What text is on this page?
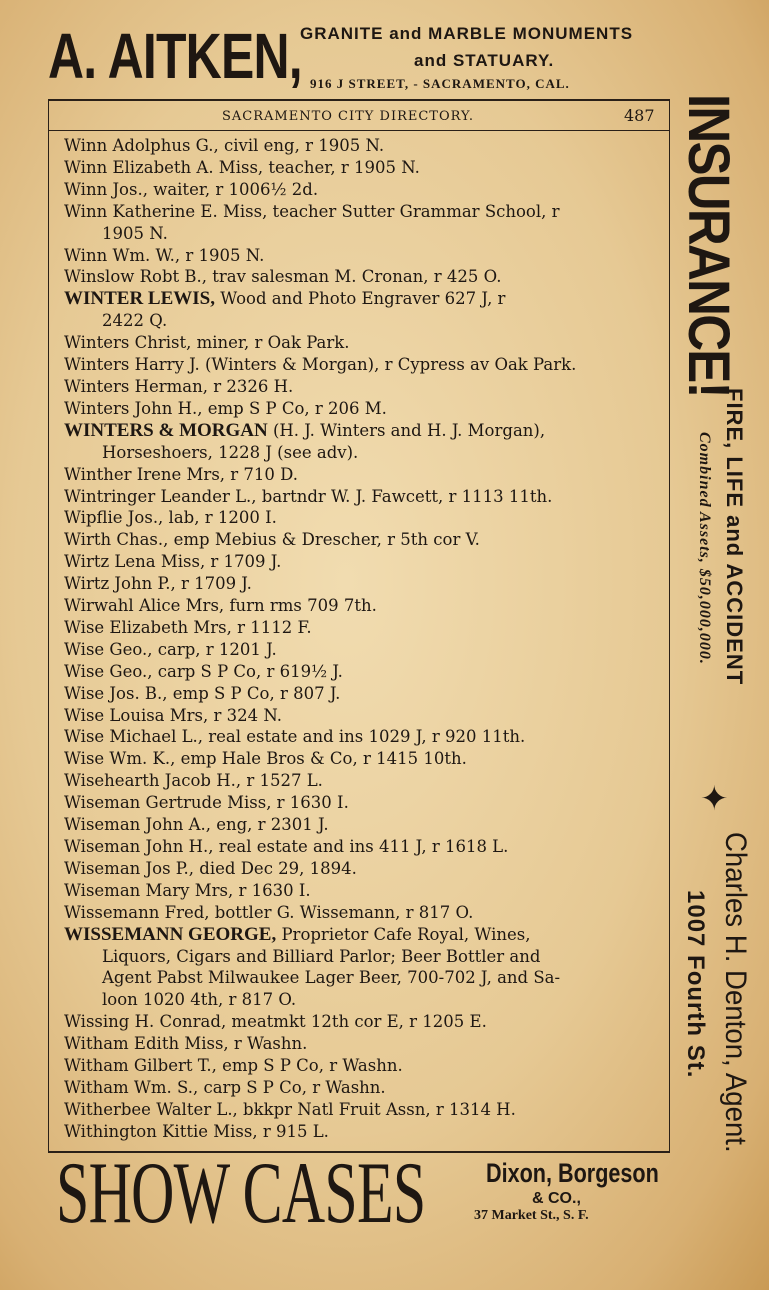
A. AITKEN,
GRANITE and MARBLE MONUMENTS
and STATUARY.
916 J STREET, - SACRAMENTO, CAL.
SACRAMENTO CITY DIRECTORY.	487
Winn Adolphus G., civil eng, r 1905 N.
Winn Elizabeth A. Miss, teacher, r 1905 N.
Winn Jos., waiter, r 1006½ 2d.
Winn Katherine E. Miss, teacher Sutter Grammar School, r
1905 N.
Winn Wm. W., r 1905 N.
Winslow Robt B., trav salesman M. Cronan, r 425 O.
WINTER LEWIS, Wood and Photo Engraver 627 J, r
2422 Q.
Winters Christ, miner, r Oak Park.
Winters Harry J. (Winters & Morgan), r Cypress av Oak Park.
Winters Herman, r 2326 H.
Winters John H., emp S P Co, r 206 M.
WINTERS & MORGAN (H. J. Winters and H. J. Morgan),
Horseshoers, 1228 J (see adv).
Winther Irene Mrs, r 710 D.
Wintringer Leander L., bartndr W. J. Fawcett, r 1113 11th.
Wipflie Jos., lab, r 1200 I.
Wirth Chas., emp Mebius & Drescher, r 5th cor V.
Wirtz Lena Miss, r 1709 J.
Wirtz John P., r 1709 J.
Wirwahl Alice Mrs, furn rms 709 7th.
Wise Elizabeth Mrs, r 1112 F.
Wise Geo., carp, r 1201 J.
Wise Geo., carp S P Co, r 619½ J.
Wise Jos. B., emp S P Co, r 807 J.
Wise Louisa Mrs, r 324 N.
Wise Michael L., real estate and ins 1029 J, r 920 11th.
Wise Wm. K., emp Hale Bros & Co, r 1415 10th.
Wisehearth Jacob H., r 1527 L.
Wiseman Gertrude Miss, r 1630 I.
Wiseman John A., eng, r 2301 J.
Wiseman John H., real estate and ins 411 J, r 1618 L.
Wiseman Jos P., died Dec 29, 1894.
Wiseman Mary Mrs, r 1630 I.
Wissemann Fred, bottler G. Wissemann, r 817 O.
WISSEMANN GEORGE, Proprietor Cafe Royal, Wines,
Liquors, Cigars and Billiard Parlor; Beer Bottler and
Agent Pabst Milwaukee Lager Beer, 700-702 J, and Sa-
loon 1020 4th, r 817 O.
Wissing H. Conrad, meatmkt 12th cor E, r 1205 E.
Witham Edith Miss, r Washn.
Witham Gilbert T., emp S P Co, r Washn.
Witham Wm. S., carp S P Co, r Washn.
Witherbee Walter L., bkkpr Natl Fruit Assn, r 1314 H.
Withington Kittie Miss, r 915 L.
INSURANCE!
FIRE, LIFE and ACCIDENT
Combined Assets, $50,000,000.
✦
Charles H. Denton, Agent.
1007 Fourth St.
SHOW CASES Dixon, Borgeson
& CO.,
37 Market St., S. F.
